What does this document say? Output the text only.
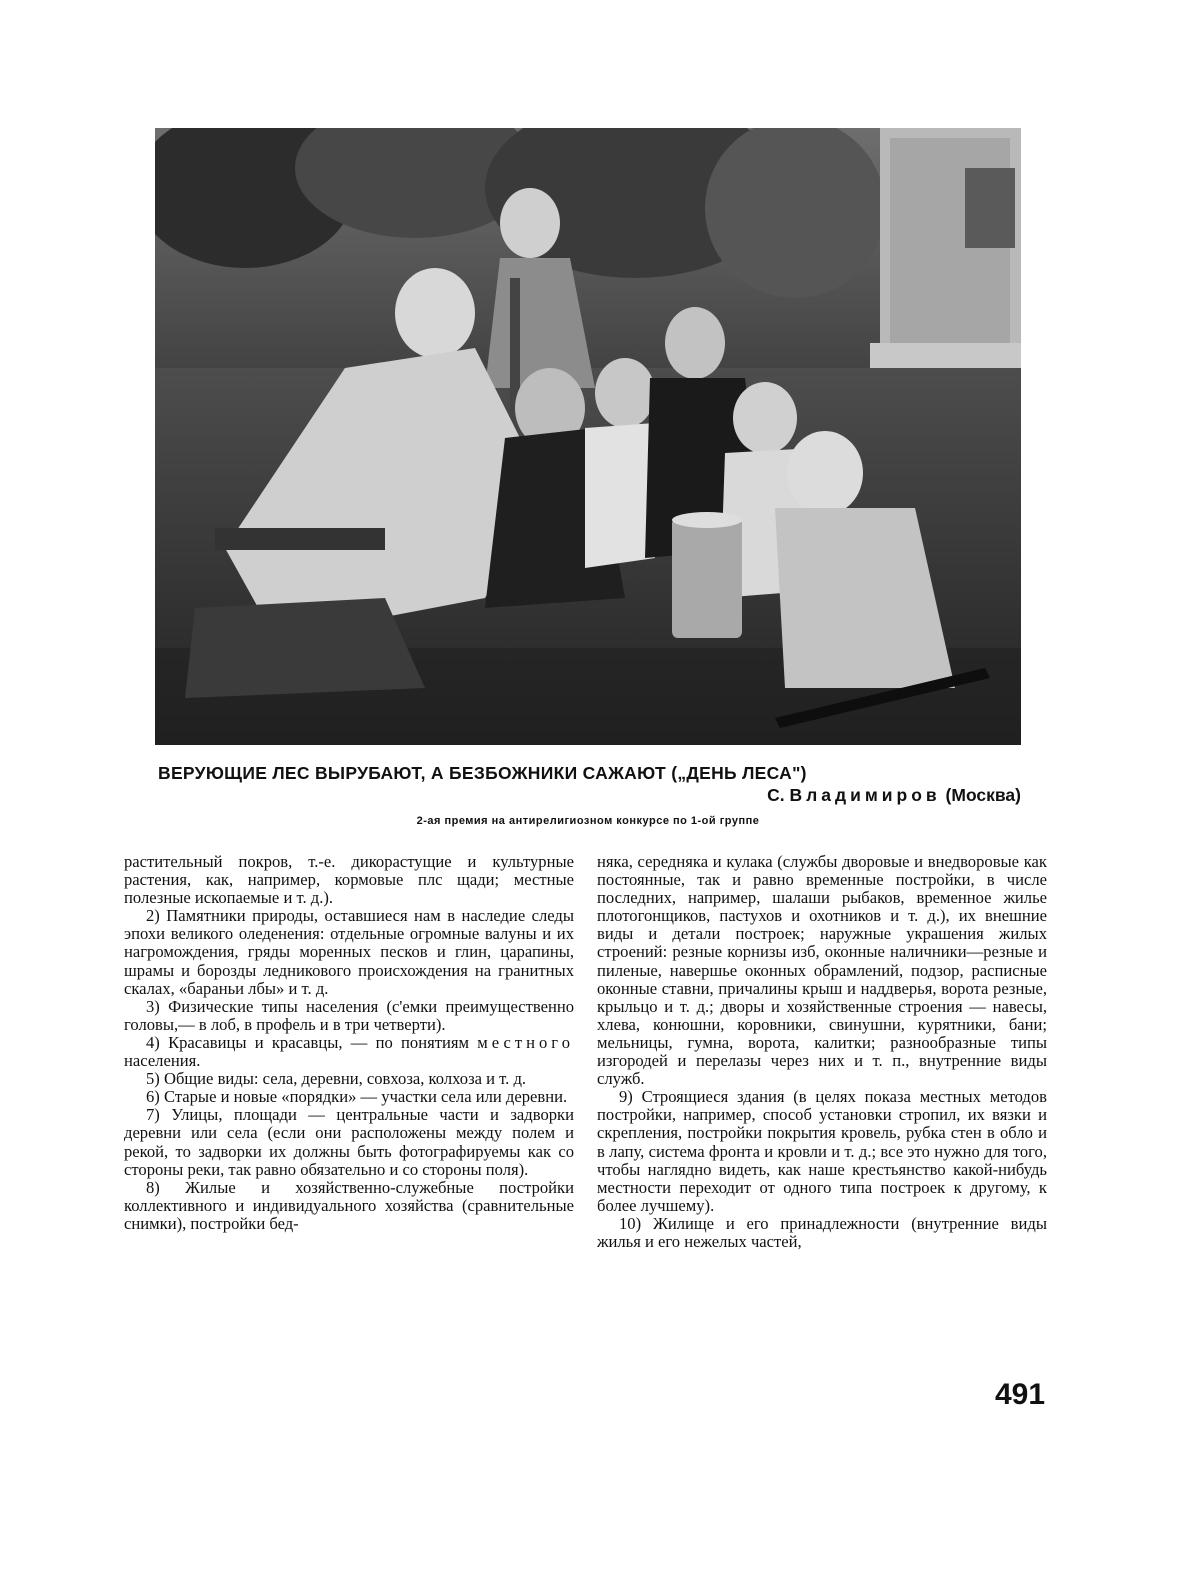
ВЕРУЮЩИЕ ЛЕС ВЫРУБАЮТ, А БЕЗБОЖНИКИ САЖАЮТ („ДЕНЬ ЛЕСА")
С. Владимиров (Москва)
2-ая премия на антирелигиозном конкурсе по 1-ой группе

растительный покров, т.-е. дикорастущие и культурные растения, как, например, кормовые плс щади; местные полезные ископаемые и т. д.).

2) Памятники природы, оставшиеся нам в наследие следы эпохи великого оледенения: отдельные огромные валуны и их нагромождения, гряды моренных песков и глин, царапины, шрамы и борозды ледникового происхождения на гранитных скалах, «бараньи лбы» и т. д.

3) Физические типы населения (с'емки преимущественно головы,— в лоб, в профель и в три четверти).

4) Красавицы и красавцы, — по понятиям местного населения.

5) Общие виды: села, деревни, совхоза, колхоза и т. д.

6) Старые и новые «порядки» — участки села или деревни.

7) Улицы, площади — центральные части и задворки деревни или села (если они расположены между полем и рекой, то задворки их должны быть фотографируемы как со стороны реки, так равно обязательно и со стороны поля).

8) Жилые и хозяйственно-служебные постройки коллективного и индивидуального хозяйства (сравнительные снимки), постройки бед-

няка, середняка и кулака (службы дворовые и внедворовые как постоянные, так и равно временные постройки, в числе последних, например, шалаши рыбаков, временное жилье плотогонщиков, пастухов и охотников и т. д.), их внешние виды и детали построек; наружные украшения жилых строений: резные корнизы изб, оконные наличники—резные и пиленые, навершье оконных обрамлений, подзор, расписные оконные ставни, причалины крыш и наддверья, ворота резные, крыльцо и т. д.; дворы и хозяйственные строения — навесы, хлева, конюшни, коровники, свинушни, курятники, бани; мельницы, гумна, ворота, калитки; разнообразные типы изгородей и перелазы через них и т. п., внутренние виды служб.

9) Строящиеся здания (в целях показа местных методов постройки, например, способ установки стропил, их вязки и скрепления, постройки покрытия кровель, рубка стен в обло и в лапу, система фронта и кровли и т. д.; все это нужно для того, чтобы наглядно видеть, как наше крестьянство какой-нибудь местности переходит от одного типа построек к другому, к более лучшему).

10) Жилище и его принадлежности (внутренние виды жилья и его нежелых частей,

491
